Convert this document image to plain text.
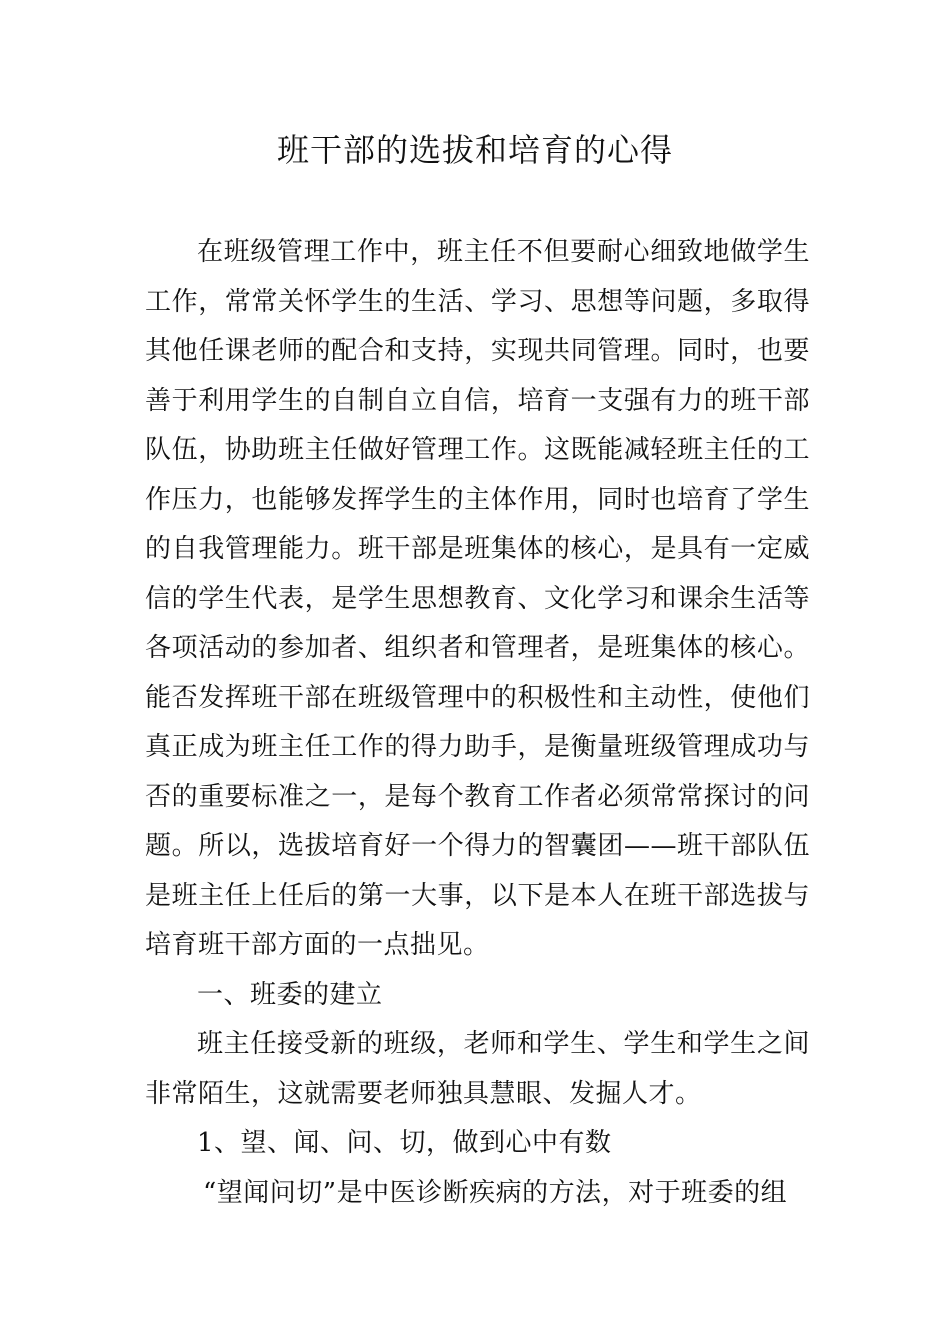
班干部的选拔和培育的心得

在班级管理工作中，班主任不但要耐心细致地做学生工作，常常关怀学生的生活、学习、思想等问题，多取得其他任课老师的配合和支持，实现共同管理。同时，也要善于利用学生的自制自立自信，培育一支强有力的班干部队伍，协助班主任做好管理工作。这既能减轻班主任的工作压力，也能够发挥学生的主体作用，同时也培育了学生的自我管理能力。班干部是班集体的核心，是具有一定威信的学生代表，是学生思想教育、文化学习和课余生活等各项活动的参加者、组织者和管理者，是班集体的核心。能否发挥班干部在班级管理中的积极性和主动性，使他们真正成为班主任工作的得力助手，是衡量班级管理成功与否的重要标准之一，是每个教育工作者必须常常探讨的问题。所以，选拔培育好一个得力的智囊团——班干部队伍是班主任上任后的第一大事，以下是本人在班干部选拔与培育班干部方面的一点拙见。

一、班委的建立

班主任接受新的班级，老师和学生、学生和学生之间非常陌生，这就需要老师独具慧眼、发掘人才。

1、望、闻、问、切，做到心中有数

“望闻问切”是中医诊断疾病的方法，对于班委的组
